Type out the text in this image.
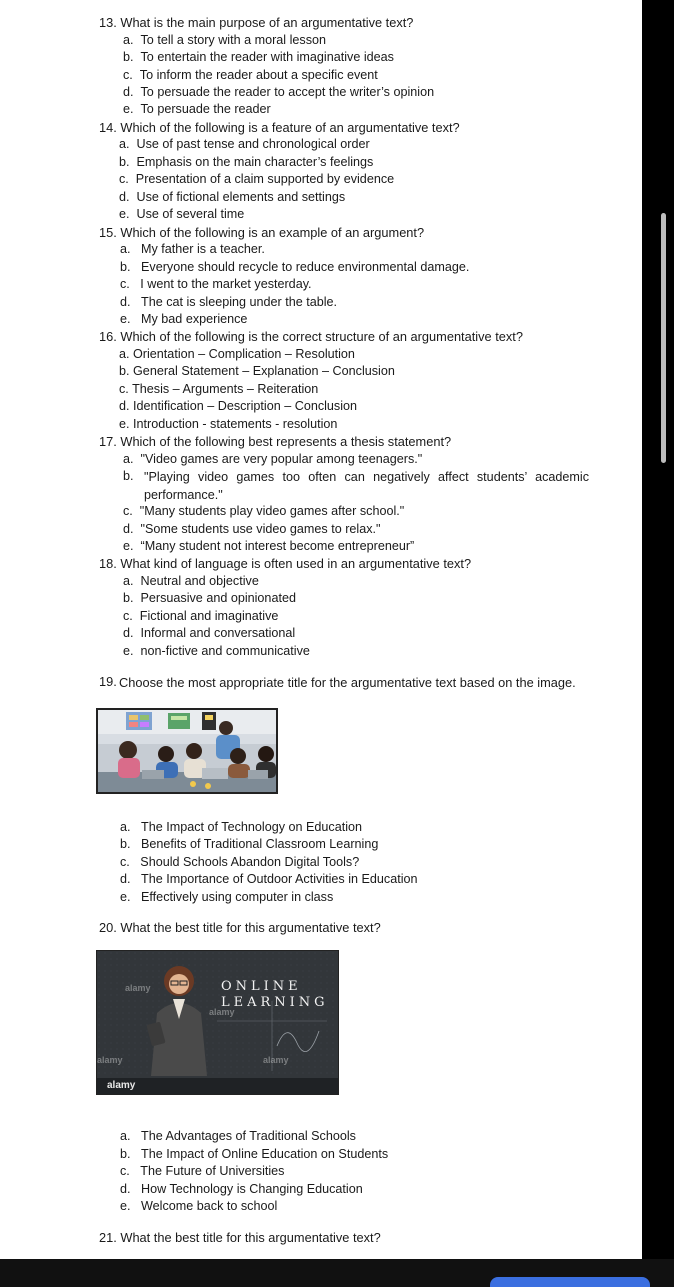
13. What is the main purpose of an argumentative text?
a. To tell a story with a moral lesson
b. To entertain the reader with imaginative ideas
c. To inform the reader about a specific event
d. To persuade the reader to accept the writer’s opinion
e. To persuade the reader
14. Which of the following is a feature of an argumentative text?
a. Use of past tense and chronological order
b. Emphasis on the main character’s feelings
c. Presentation of a claim supported by evidence
d. Use of fictional elements and settings
e. Use of several time
15. Which of the following is an example of an argument?
a. My father is a teacher.
b. Everyone should recycle to reduce environmental damage.
c. I went to the market yesterday.
d. The cat is sleeping under the table.
e. My bad experience
16. Which of the following is the correct structure of an argumentative text?
a. Orientation – Complication – Resolution
b. General Statement – Explanation – Conclusion
c. Thesis – Arguments – Reiteration
d. Identification – Description – Conclusion
e. Introduction - statements - resolution
17. Which of the following best represents a thesis statement?
a. "Video games are very popular among teenagers."
b. "Playing video games too often can negatively affect students’ academic performance."
c. "Many students play video games after school."
d. "Some students use video games to relax."
e. “Many student not interest become entrepreneur”
18. What kind of language is often used in an argumentative text?
a. Neutral and objective
b. Persuasive and opinionated
c. Fictional and imaginative
d. Informal and conversational
e. non-fictive and communicative
19. Choose the most appropriate title for the argumentative text based on the image.
a. The Impact of Technology on Education
b. Benefits of Traditional Classroom Learning
c. Should Schools Abandon Digital Tools?
d. The Importance of Outdoor Activities in Education
e. Effectively using computer in class
20. What the best title for this argumentative text?
ONLINE
LEARNING
alamy
alamy
alamy
alamy
alamy
a. The Advantages of Traditional Schools
b. The Impact of Online Education on Students
c. The Future of Universities
d. How Technology is Changing Education
e. Welcome back to school
21. What the best title for this argumentative text?
